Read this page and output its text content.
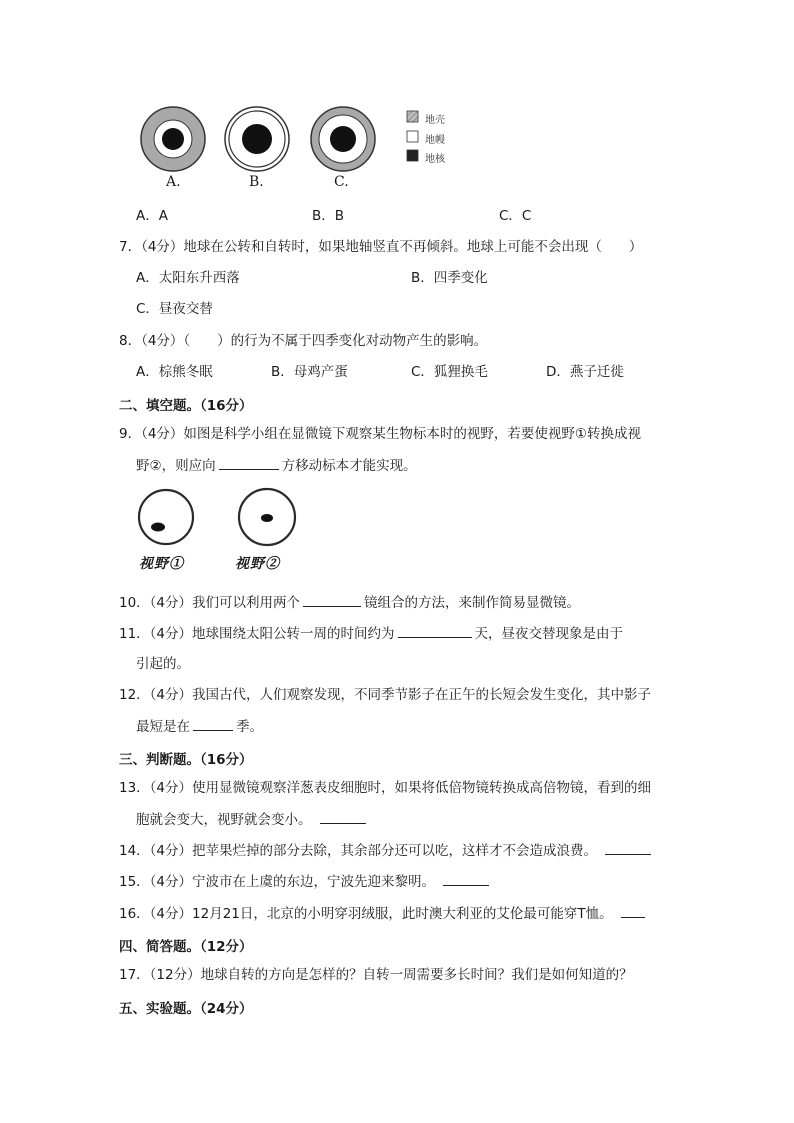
地壳
地幔
地核
A.	B.	C.
A．A	B．B	C．C
7．（4分）地球在公转和自转时，如果地轴竖直不再倾斜。地球上可能不会出现（　　）
A．太阳东升西落	B．四季变化
C．昼夜交替
8．（4分）（　　）的行为不属于四季变化对动物产生的影响。
A．棕熊冬眠	B．母鸡产蛋	C．狐狸换毛	D．燕子迁徙
二、填空题。（16分）
9．（4分）如图是科学小组在显微镜下观察某生物标本时的视野，若要使视野①转换成视
野②，则应向	方移动标本才能实现。
视野①	视野②
10．（4分）我们可以利用两个	镜组合的方法，来制作简易显微镜。
11．（4分）地球围绕太阳公转一周的时间约为	天，昼夜交替现象是由于
引起的。
12．（4分）我国古代，人们观察发现，不同季节影子在正午的长短会发生变化，其中影子
最短是在	季。
三、判断题。（16分）
13．（4分）使用显微镜观察洋葱表皮细胞时，如果将低倍物镜转换成高倍物镜，看到的细
胞就会变大，视野就会变小。
14．（4分）把苹果烂掉的部分去除，其余部分还可以吃，这样才不会造成浪费。
15．（4分）宁波市在上虞的东边，宁波先迎来黎明。
16．（4分）12月21日，北京的小明穿羽绒服，此时澳大利亚的艾伦最可能穿T恤。
四、简答题。（12分）
17．（12分）地球自转的方向是怎样的？自转一周需要多长时间？我们是如何知道的？
五、实验题。（24分）
